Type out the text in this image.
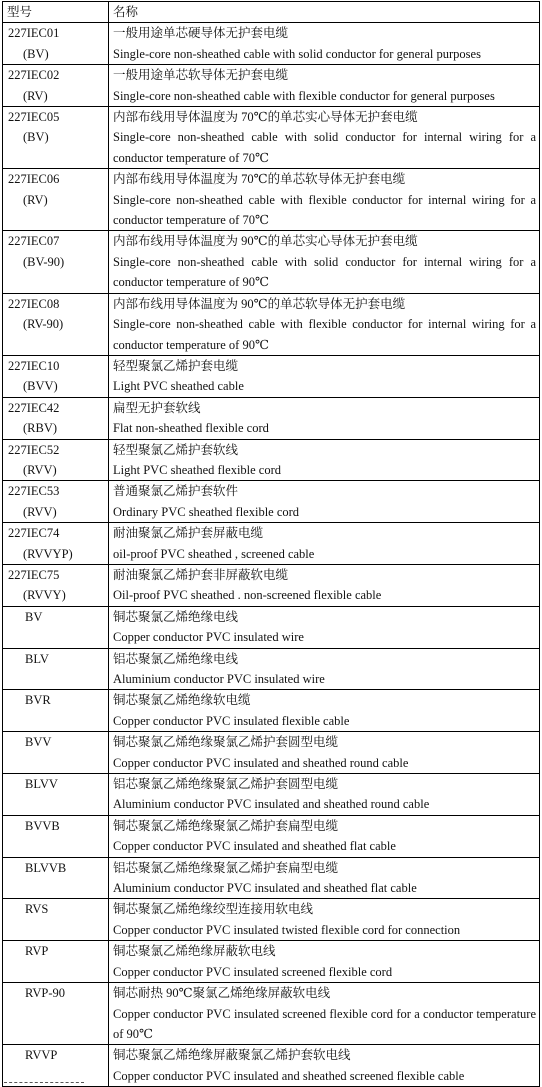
型号	名称

227IEC01
(BV)	一般用途单芯硬导体无护套电缆
Single-core non-sheathed cable with solid conductor for general purposes

227IEC02
(RV)	一般用途单芯软导体无护套电缆
Single-core non-sheathed cable with flexible conductor for general purposes

227IEC05
(BV)	内部布线用导体温度为 70℃的单芯实心导体无护套电缆
Single-core non-sheathed cable with solid conductor for internal wiring for a conductor temperature of 70℃

227IEC06
(RV)	内部布线用导体温度为 70℃的单芯软导体无护套电缆
Single-core non-sheathed cable with flexible conductor for internal wiring for a conductor temperature of 70℃

227IEC07
(BV-90)	内部布线用导体温度为 90℃的单芯实心导体无护套电缆
Single-core non-sheathed cable with solid conductor for internal wiring for a conductor temperature of 90℃

227IEC08
(RV-90)	内部布线用导体温度为 90℃的单芯软导体无护套电缆
Single-core non-sheathed cable with flexible conductor for internal wiring for a conductor temperature of 90℃

227IEC10
(BVV)	轻型聚氯乙烯护套电缆
Light PVC sheathed cable

227IEC42
(RBV)	扁型无护套软线
Flat non-sheathed flexible cord

227IEC52
(RVV)	轻型聚氯乙烯护套软线
Light PVC sheathed flexible cord

227IEC53
(RVV)	普通聚氯乙烯护套软件
Ordinary PVC sheathed flexible cord

227IEC74
(RVVYP)	耐油聚氯乙烯护套屏蔽电缆
oil-proof PVC sheathed , screened cable

227IEC75
(RVVY)	耐油聚氯乙烯护套非屏蔽软电缆
Oil-proof PVC sheathed . non-screened flexible cable

BV	铜芯聚氯乙烯绝缘电线
Copper conductor PVC insulated wire

BLV	铝芯聚氯乙烯绝缘电线
Aluminium conductor PVC insulated wire

BVR	铜芯聚氯乙烯绝缘软电缆
Copper conductor PVC insulated flexible cable

BVV	铜芯聚氯乙烯绝缘聚氯乙烯护套圆型电缆
Copper conductor PVC insulated and sheathed round cable

BLVV	铝芯聚氯乙烯绝缘聚氯乙烯护套圆型电缆
Aluminium conductor PVC insulated and sheathed round cable

BVVB	铜芯聚氯乙烯绝缘聚氯乙烯护套扁型电缆
Copper conductor PVC insulated and sheathed flat cable

BLVVB	铝芯聚氯乙烯绝缘聚氯乙烯护套扁型电缆
Aluminium conductor PVC insulated and sheathed flat cable

RVS	铜芯聚氯乙烯绝缘绞型连接用软电线
Copper conductor PVC insulated twisted flexible cord for connection

RVP	铜芯聚氯乙烯绝缘屏蔽软电线
Copper conductor PVC insulated screened flexible cord

RVP-90	铜芯耐热 90℃聚氯乙烯绝缘屏蔽软电线
Copper conductor PVC insulated screened flexible cord for a conductor temperature of 90℃

RVVP	铜芯聚氯乙烯绝缘屏蔽聚氯乙烯护套软电线
Copper conductor PVC insulated and sheathed screened flexible cable
